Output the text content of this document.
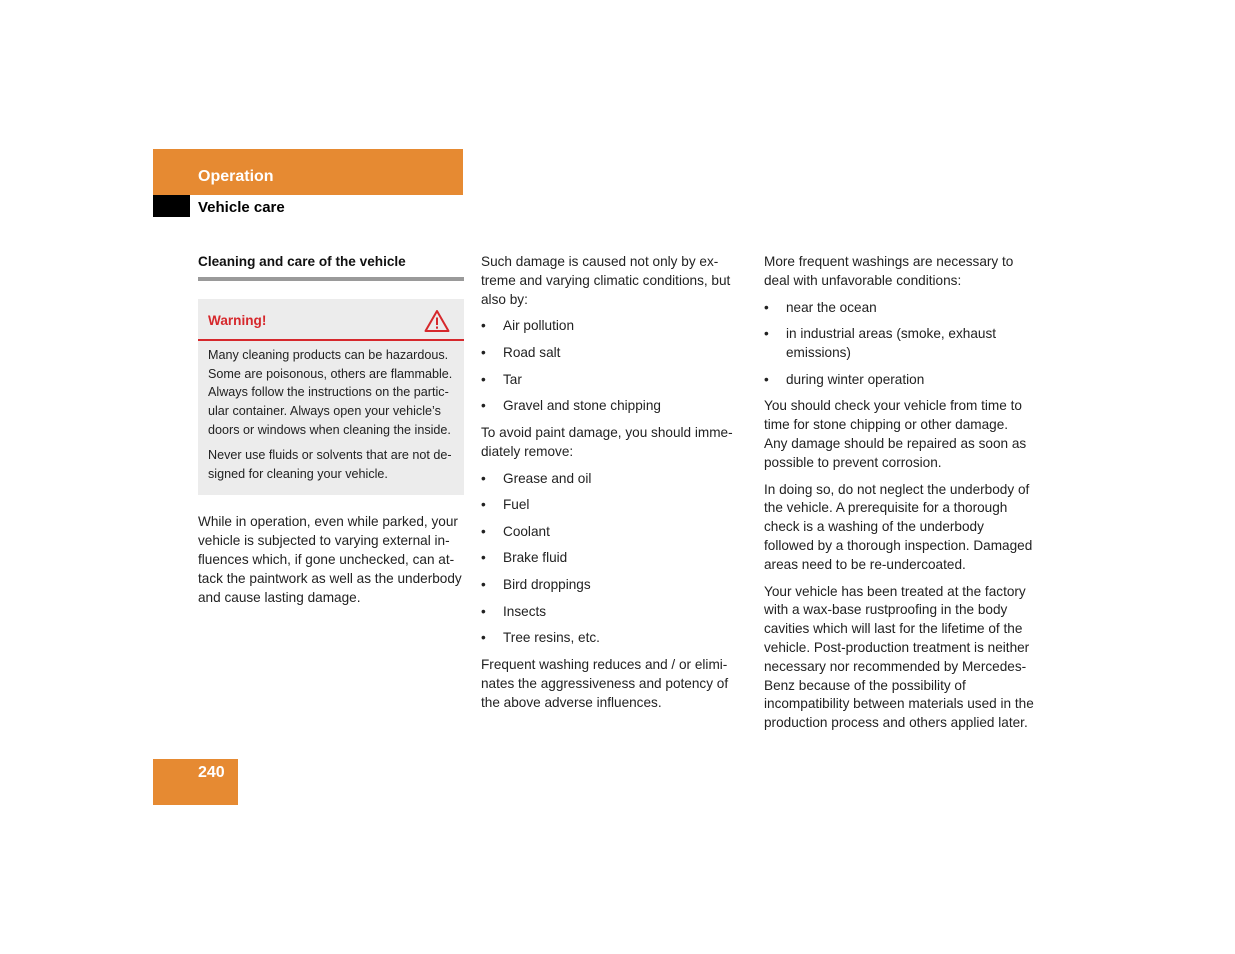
Operation
Vehicle care
Cleaning and care of the vehicle
Warning!

Many cleaning products can be hazardous. Some are poisonous, others are flammable. Always follow the instructions on the particular container. Always open your vehicle’s doors or windows when cleaning the inside.

Never use fluids or solvents that are not designed for cleaning your vehicle.

While in operation, even while parked, your vehicle is subjected to varying external influences which, if gone unchecked, can attack the paintwork as well as the underbody and cause lasting damage.

Such damage is caused not only by extreme and varying climatic conditions, but also by:

• Air pollution
• Road salt
• Tar
• Gravel and stone chipping

To avoid paint damage, you should immediately remove:

• Grease and oil
• Fuel
• Coolant
• Brake fluid
• Bird droppings
• Insects
• Tree resins, etc.

Frequent washing reduces and / or eliminates the aggressiveness and potency of the above adverse influences.

More frequent washings are necessary to deal with unfavorable conditions:

• near the ocean
• in industrial areas (smoke, exhaust emissions)
• during winter operation

You should check your vehicle from time to time for stone chipping or other damage. Any damage should be repaired as soon as possible to prevent corrosion.

In doing so, do not neglect the underbody of the vehicle. A prerequisite for a thorough check is a washing of the underbody followed by a thorough inspection. Damaged areas need to be re-undercoated.

Your vehicle has been treated at the factory with a wax-base rustproofing in the body cavities which will last for the lifetime of the vehicle. Post-production treatment is neither necessary nor recommended by Mercedes-Benz because of the possibility of incompatibility between materials used in the production process and others applied later.

240
